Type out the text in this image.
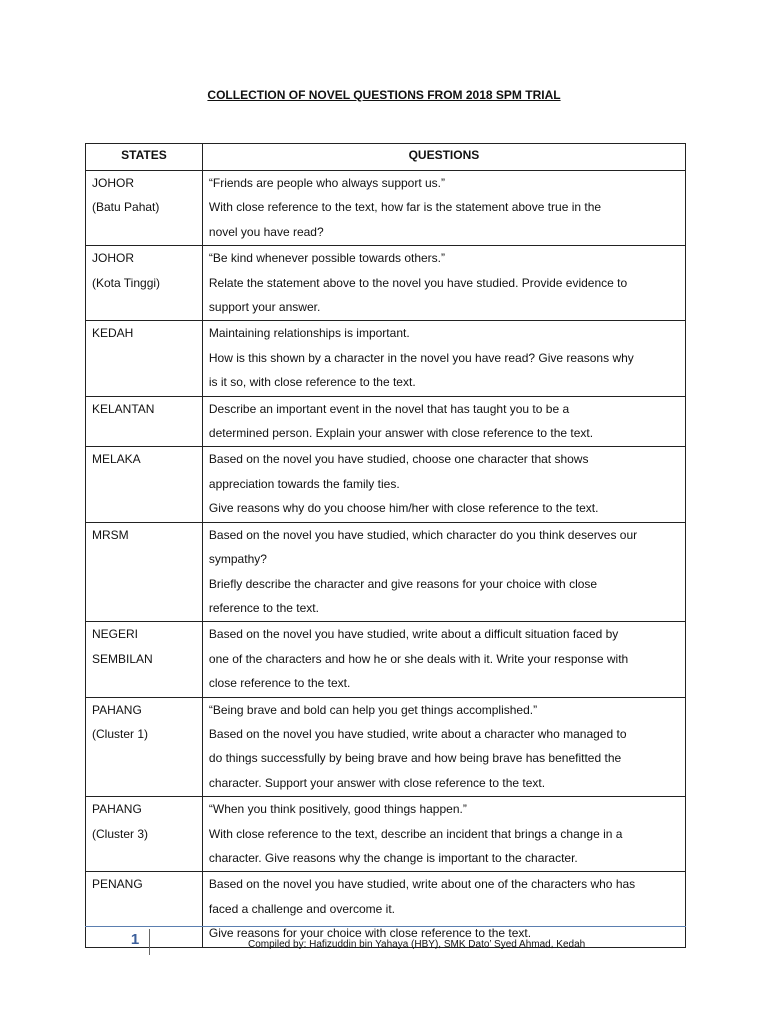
COLLECTION OF NOVEL QUESTIONS FROM 2018 SPM TRIAL
STATES	QUESTIONS

JOHOR
(Batu Pahat)	“Friends are people who always support us.”
With close reference to the text, how far is the statement above true in the
novel you have read?

JOHOR
(Kota Tinggi)	“Be kind whenever possible towards others.”
Relate the statement above to the novel you have studied. Provide evidence to
support your answer.

KEDAH	Maintaining relationships is important.
How is this shown by a character in the novel you have read? Give reasons why
is it so, with close reference to the text.

KELANTAN	Describe an important event in the novel that has taught you to be a
determined person. Explain your answer with close reference to the text.

MELAKA	Based on the novel you have studied, choose one character that shows
appreciation towards the family ties.
Give reasons why do you choose him/her with close reference to the text.

MRSM	Based on the novel you have studied, which character do you think deserves our
sympathy?
Briefly describe the character and give reasons for your choice with close
reference to the text.

NEGERI
SEMBILAN	Based on the novel you have studied, write about a difficult situation faced by
one of the characters and how he or she deals with it. Write your response with
close reference to the text.

PAHANG
(Cluster 1)	“Being brave and bold can help you get things accomplished.”
Based on the novel you have studied, write about a character who managed to
do things successfully by being brave and how being brave has benefitted the
character. Support your answer with close reference to the text.

PAHANG
(Cluster 3)	“When you think positively, good things happen.”
With close reference to the text, describe an incident that brings a change in a
character. Give reasons why the change is important to the character.

PENANG	Based on the novel you have studied, write about one of the characters who has
faced a challenge and overcome it.
Give reasons for your choice with close reference to the text.
1	Compiled by: Hafizuddin bin Yahaya (HBY), SMK Dato’ Syed Ahmad, Kedah
